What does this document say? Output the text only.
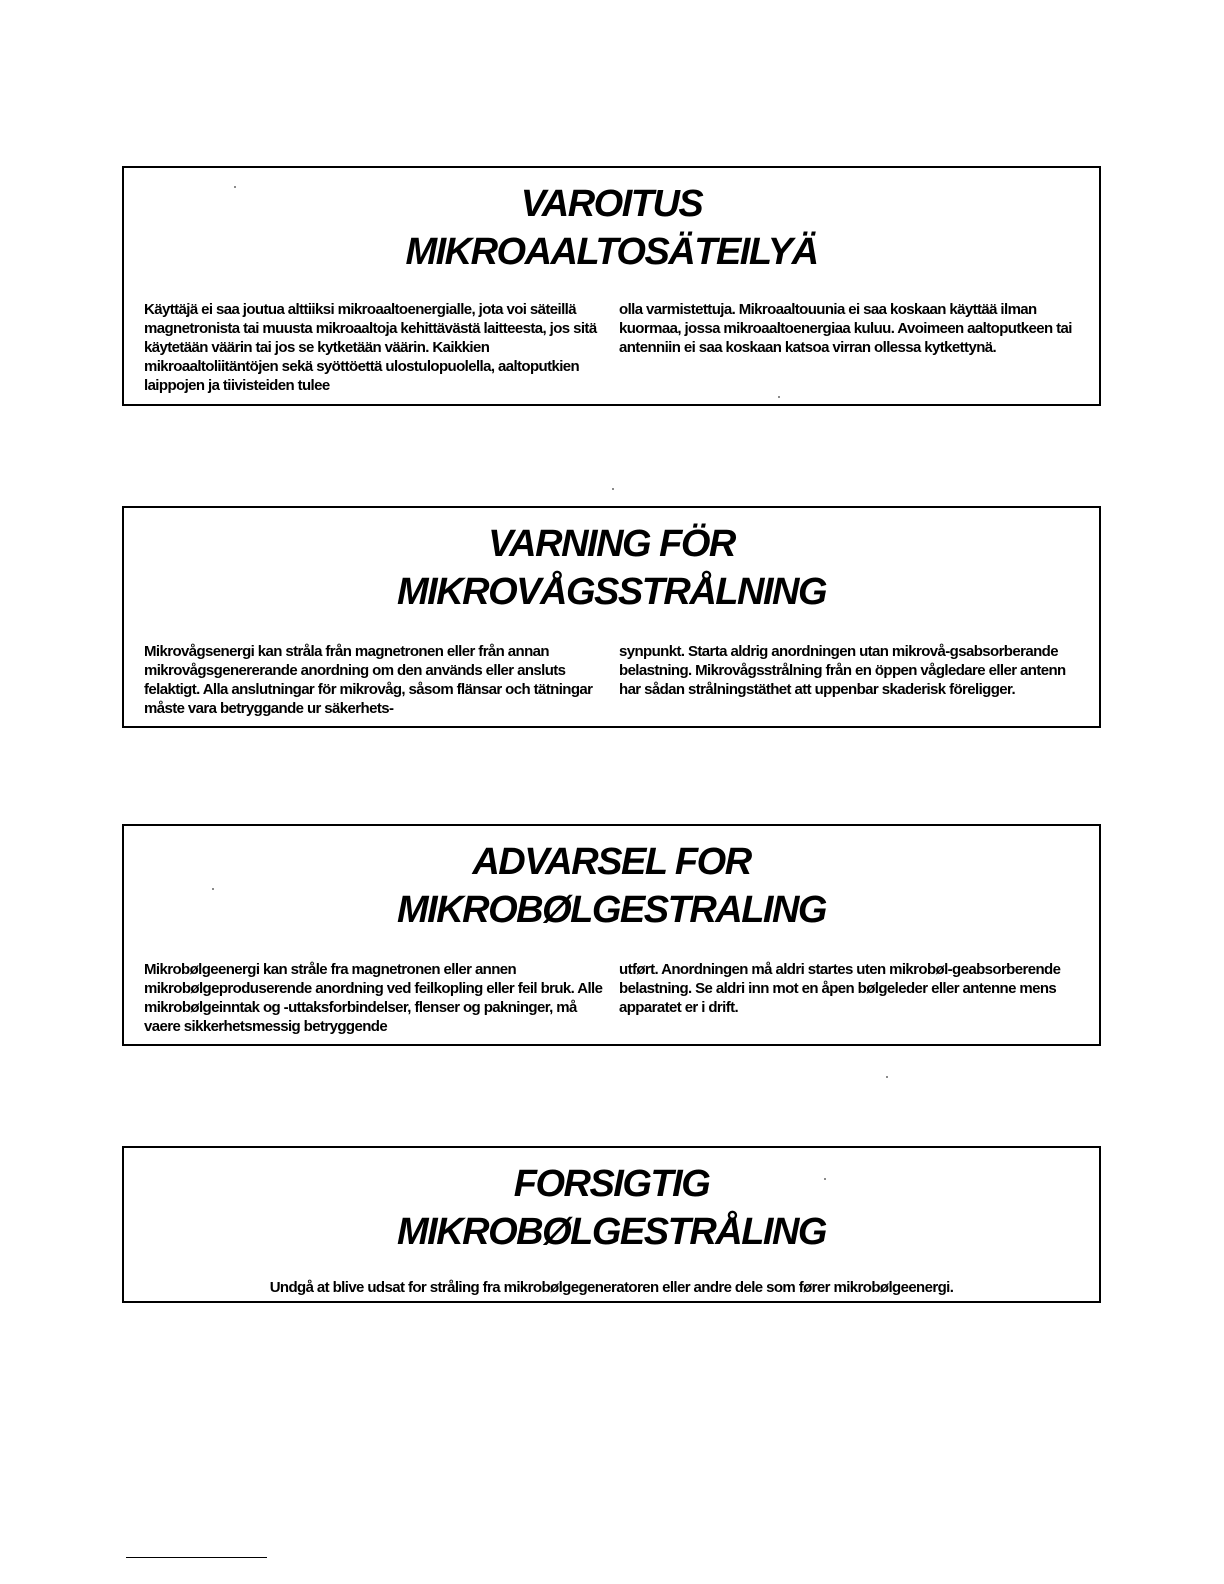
VAROITUS
MIKROAALTOSÄTEILYÄ
Käyttäjä ei saa joutua alttiiksi mikroaaltoenergialle, jota voi säteillä magnetronista tai muusta mikroaaltoja kehittävästä laitteesta, jos sitä käytetään väärin tai jos se kytketään väärin. Kaikkien mikroaaltoliitäntöjen sekä syöttöettä ulostulopuolella, aaltoputkien laippojen ja tiivisteiden tulee
olla varmistettuja. Mikroaaltouunia ei saa koskaan käyttää ilman kuormaa, jossa mikroaaltoenergiaa kuluu. Avoimeen aaltoputkeen tai antenniin ei saa koskaan katsoa virran ollessa kytkettynä.
VARNING FÖR
MIKROVÅGSSTRÅLNING
Mikrovågsenergi kan stråla från magnetronen eller från annan mikrovågsgenererande anordning om den används eller ansluts felaktigt. Alla anslutningar för mikrovåg, såsom flänsar och tätningar måste vara betryggande ur säkerhets-
synpunkt. Starta aldrig anordningen utan mikrovå-gsabsorberande belastning. Mikrovågsstrålning från en öppen vågledare eller antenn har sådan strålningstäthet att uppenbar skaderisk föreligger.
ADVARSEL FOR
MIKROBØLGESTRALING
Mikrobølgeenergi kan stråle fra magnetronen eller annen mikrobølgeproduserende anordning ved feilkopling eller feil bruk. Alle mikrobølgeinntak og -uttaksforbindelser, flenser og pakninger, må vaere sikkerhetsmessig betryggende
utført. Anordningen må aldri startes uten mikrobøl-geabsorberende belastning. Se aldri inn mot en åpen bølgeleder eller antenne mens apparatet er i drift.
FORSIGTIG
MIKROBØLGESTRÅLING
Undgå at blive udsat for stråling fra mikrobølgegeneratoren eller andre dele som fører mikrobølgeenergi.
